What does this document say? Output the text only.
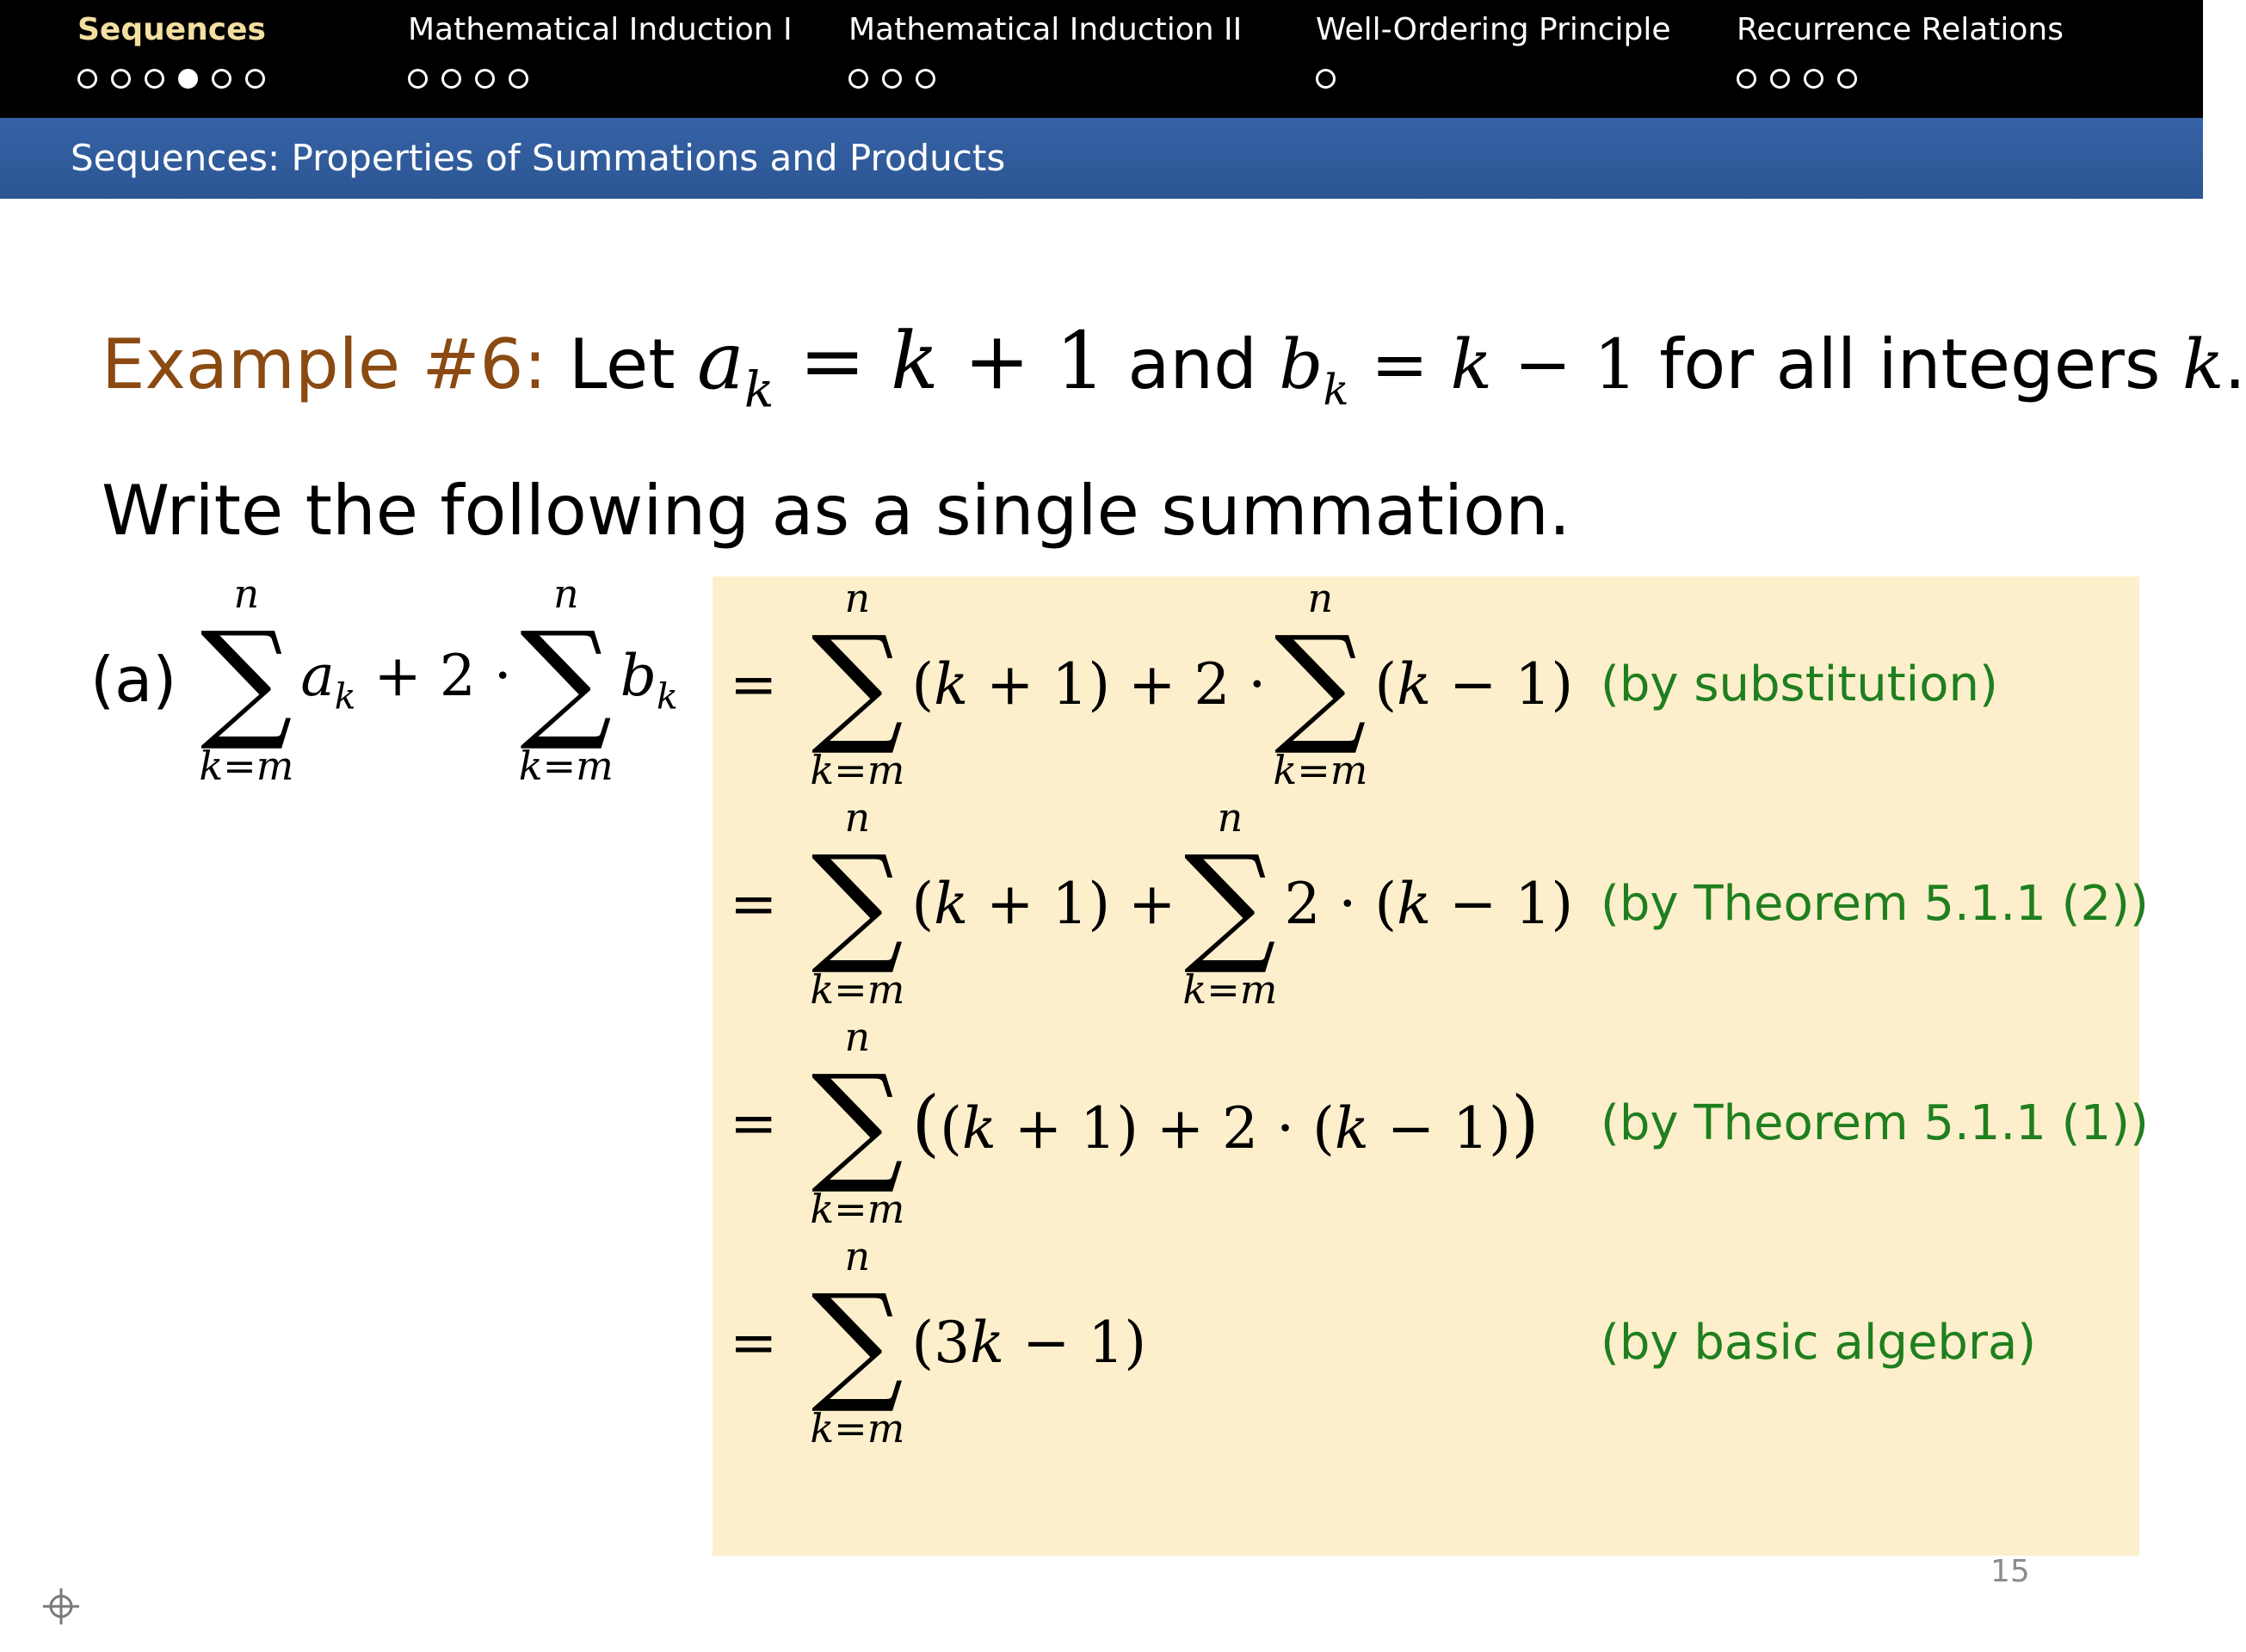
Sequences	Mathematical Induction I Mathematical Induction II Well-Ordering Principle Recurrence Relations
Sequences: Properties of Summations and Products
Example #6: Let $a_k = k + 1$ and $b_k = k - 1$ for all integers k.
Write the following as a single summation.
(a)
n
∑
k=m
$a_k + 2$ ·
n
∑
k=m
$b_k$ =
n
∑
k=m
(k + 1) + 2 ·
n
∑
k=m
(k − 1) (by substitution)
=
n
∑
k=m
(k + 1) +
n
∑
k=m
2 · (k − 1) (by Theorem 5.1.1 (2))
=
n
∑
k=m
((k + 1) + 2 · (k − 1)) (by Theorem 5.1.1 (1))
=
n
∑
k=m
(3k − 1)	(by basic algebra)
15
